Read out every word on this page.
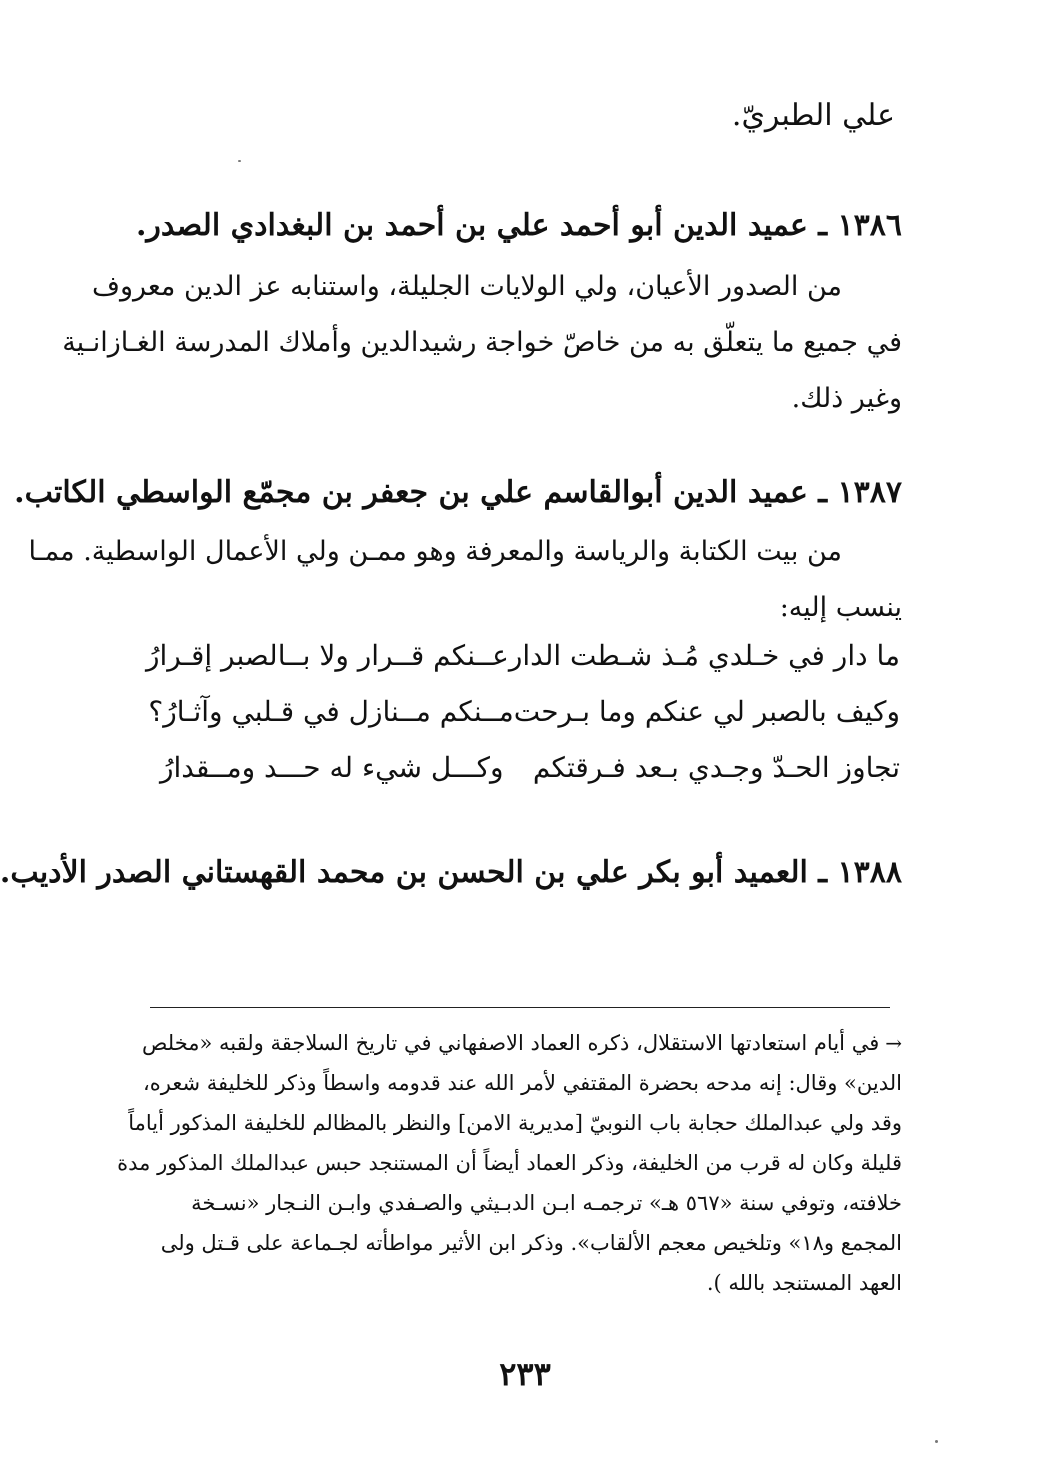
علي الطبريّ.
١٣٨٦ ـ عميد الدين أبو أحمد علي بن أحمد بن البغدادي الصدر.
من الصدور الأعيان، ولي الولايات الجليلة، واستنابه عز الدين معروف
في جميع ما يتعلّق به من خاصّ خواجة رشيدالدين وأملاك المدرسة الغـازانـية
وغير ذلك.
١٣٨٧ ـ عميد الدين أبوالقاسم علي بن جعفر بن مجمّع الواسطي الكاتب.
من بيت الكتابة والرياسة والمعرفة وهو ممـن ولي الأعمال الواسطية. ممـا
ينسب إليه:
ما دار في خـلدي مُـذ شـطت الدار
عــنكم قــرار ولا بــالصبر إقـرارُ
وكيف بالصبر لي عنكم وما بـرحت
مــنكم مــنازل في قـلبي وآثـارُ؟
تجاوز الحـدّ وجـدي بـعد فـرقتكم
وكـــل شيء له حـــد ومــقدارُ
١٣٨٨ ـ العميد أبو بكر علي بن الحسن بن محمد القهستاني الصدر الأديب.
→في أيام استعادتها الاستقلال، ذكره العماد الاصفهاني في تاريخ السلاجقة ولقبه «مخلص
الدين» وقال: إنه مدحه بحضرة المقتفي لأمر الله عند قدومه واسطاً وذكر للخليفة شعره،
وقد ولي عبدالملك حجابة باب النوبيّ [مديرية الامن] والنظر بالمظالم للخليفة المذكور أياماً
قليلة وكان له قرب من الخليفة، وذكر العماد أيضاً أن المستنجد حبس عبدالملك المذكور مدة
خلافته، وتوفي سنة «٥٦٧ هـ» ترجمـه ابـن الدبـيثي والصـفدي وابـن النـجار «نسـخة
المجمع و١٨» وتلخيص معجم الألقاب». وذكر ابن الأثير مواطأته لجـماعة على قـتل ولى
العهد المستنجد بالله ).
٢٣٣
